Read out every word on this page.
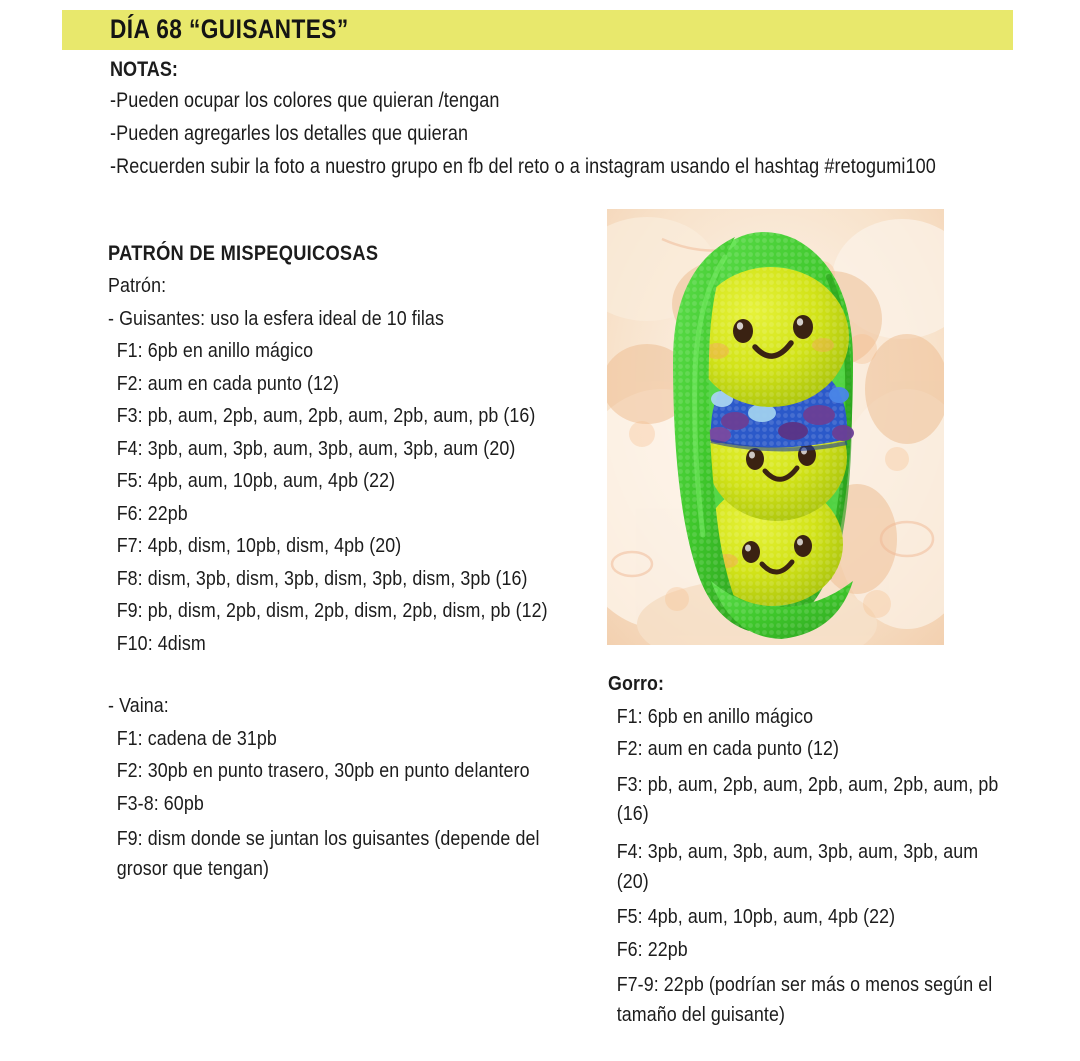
DÍA 68 “GUISANTES”
NOTAS:
-Pueden ocupar los colores que quieran /tengan
-Pueden agregarles los detalles que quieran
-Recuerden subir la foto a nuestro grupo en fb del reto o a instagram usando el hashtag #retogumi100
PATRÓN DE MISPEQUICOSAS
Patrón:
- Guisantes: uso la esfera ideal de 10 filas
F1: 6pb en anillo mágico
F2: aum en cada punto (12)
F3: pb, aum, 2pb, aum, 2pb, aum, 2pb, aum, pb (16)
F4: 3pb, aum, 3pb, aum, 3pb, aum, 3pb, aum (20)
F5: 4pb, aum, 10pb, aum, 4pb (22)
F6: 22pb
F7: 4pb, dism, 10pb, dism, 4pb (20)
F8: dism, 3pb, dism, 3pb, dism, 3pb, dism, 3pb (16)
F9: pb, dism, 2pb, dism, 2pb, dism, 2pb, dism, pb (12)
F10: 4dism
- Vaina:
F1: cadena de 31pb
F2: 30pb en punto trasero, 30pb en punto delantero
F3-8: 60pb
F9: dism donde se juntan los guisantes (depende del grosor que tengan)
Gorro:
F1: 6pb en anillo mágico
F2: aum en cada punto (12)
F3: pb, aum, 2pb, aum, 2pb, aum, 2pb, aum, pb (16)
F4: 3pb, aum, 3pb, aum, 3pb, aum, 3pb, aum (20)
F5: 4pb, aum, 10pb, aum, 4pb (22)
F6: 22pb
F7-9: 22pb (podrían ser más o menos según el tamaño del guisante)
